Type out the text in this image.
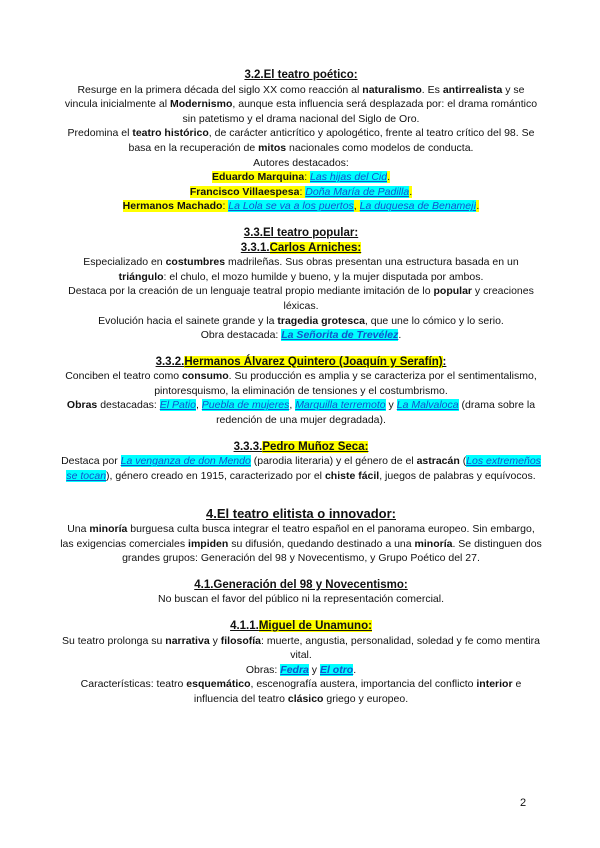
3.2.El teatro poético:

Resurge en la primera década del siglo XX como reacción al naturalismo. Es antirrealista y se vincula inicialmente al Modernismo, aunque esta influencia será desplazada por: el drama romántico sin patetismo y el drama nacional del Siglo de Oro.

Predomina el teatro histórico, de carácter anticrítico y apologético, frente al teatro crítico del 98. Se basa en la recuperación de mitos nacionales como modelos de conducta.

Autores destacados:

Eduardo Marquina: Las hijas del Cid.

Francisco Villaespesa: Doña María de Padilla.

Hermanos Machado: La Lola se va a los puertos, La duquesa de Benamejí.

3.3.El teatro popular:
3.3.1.Carlos Arniches:

Especializado en costumbres madrileñas. Sus obras presentan una estructura basada en un triángulo: el chulo, el mozo humilde y bueno, y la mujer disputada por ambos.

Destaca por la creación de un lenguaje teatral propio mediante imitación de lo popular y creaciones léxicas.

Evolución hacia el sainete grande y la tragedia grotesca, que une lo cómico y lo serio.

Obra destacada: La Señorita de Trevélez.

3.3.2.Hermanos Álvarez Quintero (Joaquín y Serafín):

Conciben el teatro como consumo. Su producción es amplia y se caracteriza por el sentimentalismo, pintoresquismo, la eliminación de tensiones y el costumbrismo.

Obras destacadas: El Patio, Puebla de mujeres, Marquilla terremoto y La Malvaloca (drama sobre la redención de una mujer degradada).

3.3.3.Pedro Muñoz Seca:

Destaca por La venganza de don Mendo (parodia literaria) y el género de el astracán (Los extremeños se tocan), género creado en 1915, caracterizado por el chiste fácil, juegos de palabras y equívocos.

4.El teatro elitista o innovador:

Una minoría burguesa culta busca integrar el teatro español en el panorama europeo. Sin embargo, las exigencias comerciales impiden su difusión, quedando destinado a una minoría. Se distinguen dos grandes grupos: Generación del 98 y Novecentismo, y Grupo Poético del 27.

4.1.Generación del 98 y Novecentismo:

No buscan el favor del público ni la representación comercial.

4.1.1.Miguel de Unamuno:

Su teatro prolonga su narrativa y filosofía: muerte, angustia, personalidad, soledad y fe como mentira vital.

Obras: Fedra y El otro.

Características: teatro esquemático, escenografía austera, importancia del conflicto interior e influencia del teatro clásico griego y europeo.

2
